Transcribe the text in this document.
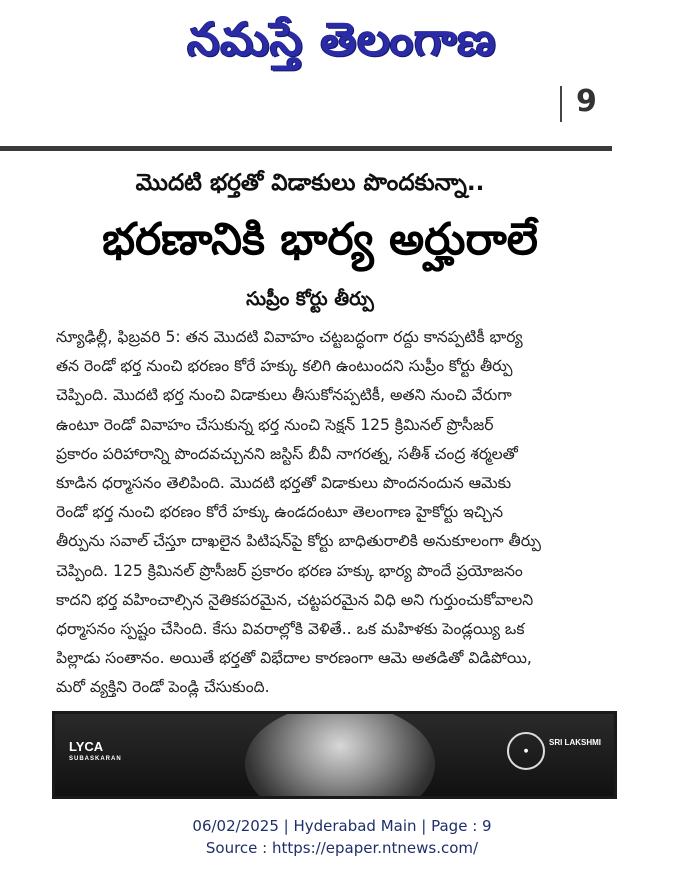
నమస్తే తెలంగాణ
9
మొదటి భర్తతో విడాకులు పొందకున్నా..
భరణానికి భార్య అర్హురాలే
సుప్రీం కోర్టు తీర్పు
న్యూఢిల్లీ, ఫిబ్రవరి 5: తన మొదటి వివాహం చట్టబద్ధంగా రద్దు కానప్పటికీ భార్య
తన రెండో భర్త నుంచి భరణం కోరే హక్కు కలిగి ఉంటుందని సుప్రీం కోర్టు తీర్పు
చెప్పింది. మొదటి భర్త నుంచి విడాకులు తీసుకోనప్పటికీ, అతని నుంచి వేరుగా
ఉంటూ రెండో వివాహం చేసుకున్న భర్త నుంచి సెక్షన్ 125 క్రిమినల్ ప్రొసీజర్
ప్రకారం పరిహారాన్ని పొందవచ్చునని జస్టిస్ బీవీ నాగరత్న, సతీశ్ చంద్ర శర్మలతో
కూడిన ధర్మాసనం తెలిపింది. మొదటి భర్తతో విడాకులు పొందనందున ఆమెకు
రెండో భర్త నుంచి భరణం కోరే హక్కు ఉండదంటూ తెలంగాణ హైకోర్టు ఇచ్చిన
తీర్పును సవాల్ చేస్తూ దాఖలైన పిటిషన్‌పై కోర్టు బాధితురాలికి అనుకూలంగా తీర్పు
చెప్పింది. 125 క్రిమినల్ ప్రొసీజర్ ప్రకారం భరణ హక్కు భార్య పొందే ప్రయోజనం
కాదని భర్త వహించాల్సిన నైతికపరమైన, చట్టపరమైన విధి అని గుర్తుంచుకోవాలని
ధర్మాసనం స్పష్టం చేసింది. కేసు వివరాల్లోకి వెళితే.. ఒక మహిళకు పెండ్లయ్యి ఒక
పిల్లాడు సంతానం. అయితే భర్తతో విభేదాల కారణంగా ఆమె అతడితో విడిపోయి,
మరో వ్యక్తిని రెండో పెండ్లి చేసుకుంది.
LYCA
SUBASKARAN
●
SRI LAKSHMI
06/02/2025 | Hyderabad Main | Page : 9
Source : https://epaper.ntnews.com/
